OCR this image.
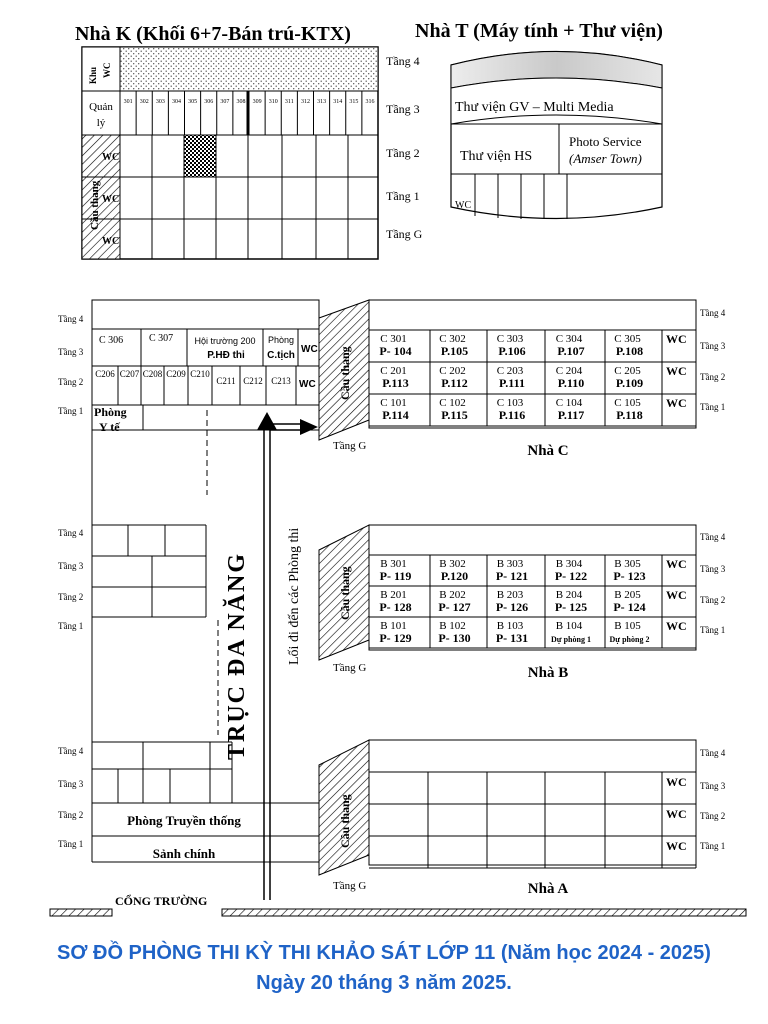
Nhà K (Khối 6+7-Bán trú-KTX)
301 302 303 304 305 306 307 308 309 310 311 312 313 314 315 316
Khu WC
Quản
lý
Cầu thang
WC
WC
WC
Tầng 4
Tầng 3
Tầng 2
Tầng 1
Tầng G
Nhà T (Máy tính + Thư viện)
Thư viện GV – Multi Media
Thư viện HS
Photo Service
(Amser Town)
WC
C206 C207 C208 C209 C210
C211 C212 C213
Tầng 4
Tầng 3
Tầng 2
Tầng 1
Tầng 4
Tầng 3
Tầng 2
Tầng 1
Tầng 4
Tầng 3
Tầng 2
Tầng 1
C 306	C 307 Hội trường 200
P.HĐ thi
Phòng
C.tịch
WC
WC
Phòng
Y tế
Phòng Truyền thống
Sảnh chính
CỔNG TRƯỜNG
TRỤC ĐA NĂNG	Lối đi đến các Phòng thi
C 301
P- 104
C 302
P.105
C 303
P.106
C 304
P.107
C 305
P.108
WC
C 201
P.113
C 202
P.112
C 203
P.111
C 204
P.110
C 205
P.109
WC
C 101
P.114
C 102
P.115
C 103
P.116
C 104
P.117
C 105
P.118
WC
Cầu thang
Nhà C
Tầng G
Tầng 4
Tầng 3
Tầng 2
Tầng 1
B 301
P- 119
B 302
P.120
B 303
P- 121
B 304
P- 122
B 305
P- 123
WC
B 201
P- 128
B 202
P- 127
B 203
P- 126
B 204
P- 125
B 205
P- 124
WC
B 101
P- 129
B 102
P- 130
B 103
P- 131
B 104
Dự phòng 1
B 105
Dự phòng 2
WC
Cầu thang
Nhà B
Tầng G
Tầng 4
Tầng 3
Tầng 2
Tầng 1
WC
WC
WC
Cầu thang
Nhà A
Tầng G
Tầng 4
Tầng 3
Tầng 2
Tầng 1
SƠ ĐỒ PHÒNG THI KỲ THI KHẢO SÁT LỚP 11 (Năm học 2024 - 2025)
Ngày 20 tháng 3 năm 2025.
